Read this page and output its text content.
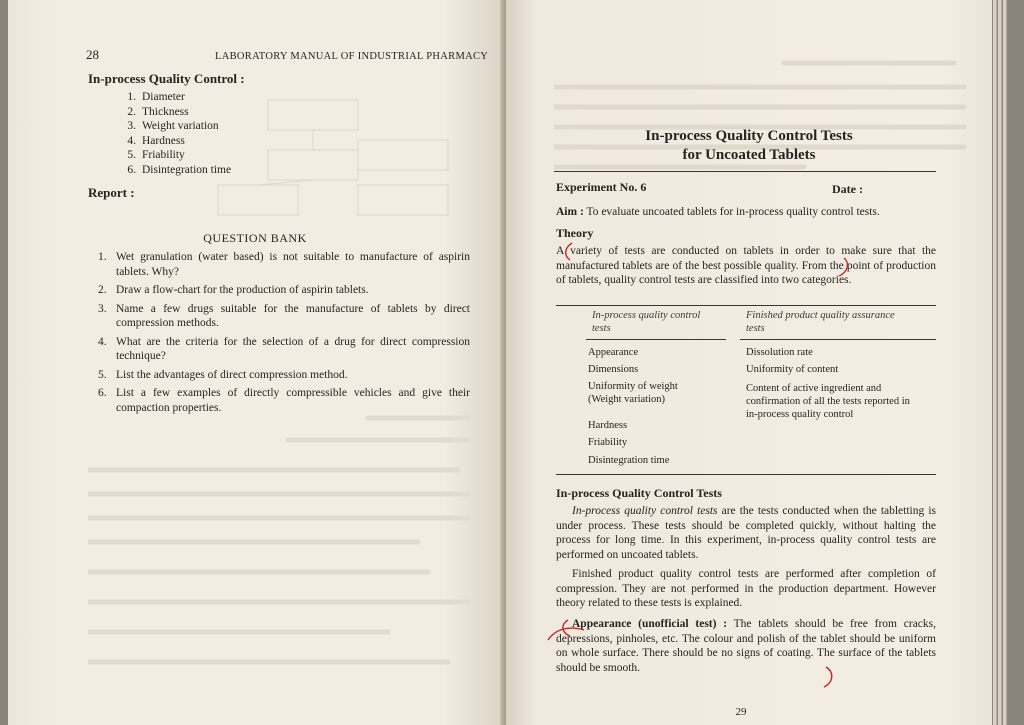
28	LABORATORY MANUAL OF INDUSTRIAL PHARMACY
In-process Quality Control :
1. Diameter
2. Thickness
3. Weight variation
4. Hardness
5. Friability
6. Disintegration time
Report :
QUESTION BANK
1. Wet granulation (water based) is not suitable to manufacture of aspirin tablets. Why?
2. Draw a flow-chart for the production of aspirin tablets.
3. Name a few drugs suitable for the manufacture of tablets by direct compression methods.
4. What are the criteria for the selection of a drug for direct compression technique?
5. List the advantages of direct compression method.
6. List a few examples of directly compressible vehicles and give their compaction properties.
In-process Quality Control Tests
for Uncoated Tablets
Experiment No. 6	Date :
Aim : To evaluate uncoated tablets for in-process quality control tests.
Theory
A variety of tests are conducted on tablets in order to make sure that the manufactured tablets are of the best possible quality. From the point of production of tablets, quality control tests are classified into two categories.
In-process quality control tests
Finished product quality assurance tests
Appearance
Dimensions
Uniformity of weight (Weight variation)
Hardness
Friability
Disintegration time
Dissolution rate
Uniformity of content
Content of active ingredient and confirmation of all the tests reported in in-process quality control
In-process Quality Control Tests
In-process quality control tests are the tests conducted when the tabletting is under process. These tests should be completed quickly, without halting the process for long time. In this experiment, in-process quality control tests are performed on uncoated tablets.
Finished product quality control tests are performed after completion of compression. They are not performed in the production department. However theory related to these tests is explained.
Appearance (unofficial test) : The tablets should be free from cracks, depressions, pinholes, etc. The colour and polish of the tablet should be uniform on whole surface. There should be no signs of coating. The surface of the tablets should be smooth.
29
